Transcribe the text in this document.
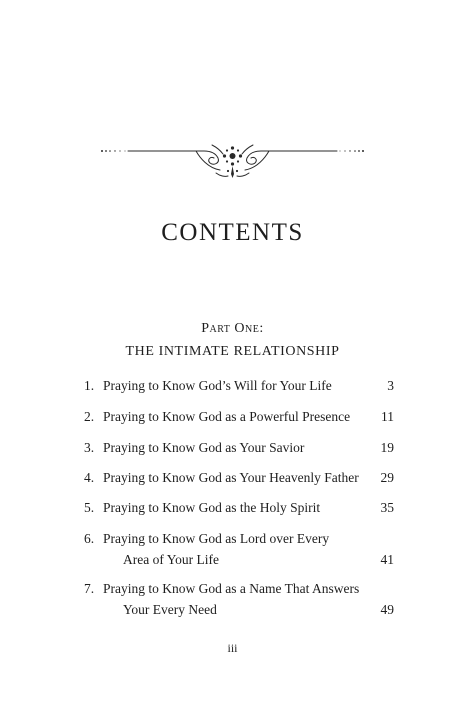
CONTENTS
Part One:
THE INTIMATE RELATIONSHIP
1. Praying to Know God’s Will for Your Life	3
2. Praying to Know God as a Powerful Presence	11
3. Praying to Know God as Your Savior	19
4. Praying to Know God as Your Heavenly Father	29
5. Praying to Know God as the Holy Spirit	35
6. Praying to Know God as Lord over Every
Area of Your Life	41
7. Praying to Know God as a Name That Answers
Your Every Need	49
iii
